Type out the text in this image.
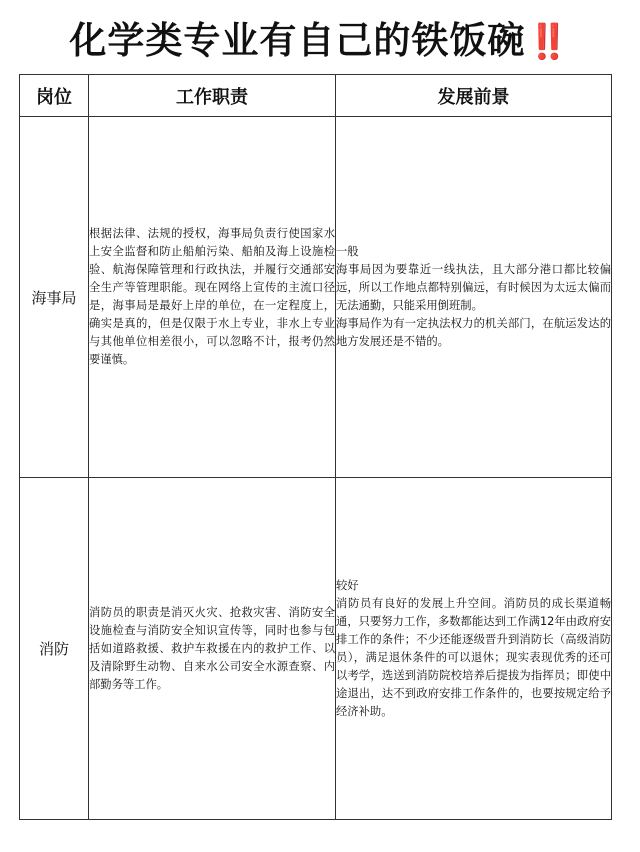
化学类专业有自己的铁饭碗‼️
岗位	工作职责	发展前景
海事局	根据法律、法规的授权，海事局负责行使国家水上安全监督和防止船舶污染、船舶及海上设施检验、航海保障管理和行政执法，并履行交通部安全生产等管理职能。现在网络上宣传的主流口径是，海事局是最好上岸的单位，在一定程度上，确实是真的，但是仅限于水上专业，非水上专业与其他单位相差很小，可以忽略不计，报考仍然要谨慎。	一般

海事局因为要靠近一线执法，且大部分港口都比较偏远，所以工作地点都特别偏远，有时候因为太远太偏而无法通勤，只能采用倒班制。

海事局作为有一定执法权力的机关部门，在航运发达的地方发展还是不错的。

消防	消防员的职责是消灭火灾、抢救灾害、消防安全设施检查与消防安全知识宣传等，同时也参与包括如道路救援、救护车救援在内的救护工作、以及清除野生动物、自来水公司安全水源查察、内部勤务等工作。	较好

消防员有良好的发展上升空间。消防员的成长渠道畅通，只要努力工作，多数都能达到工作满12年由政府安排工作的条件；不少还能逐级晋升到消防长（高级消防员），满足退休条件的可以退休；现实表现优秀的还可以考学，选送到消防院校培养后提拔为指挥员；即使中途退出，达不到政府安排工作条件的，也要按规定给予经济补助。
